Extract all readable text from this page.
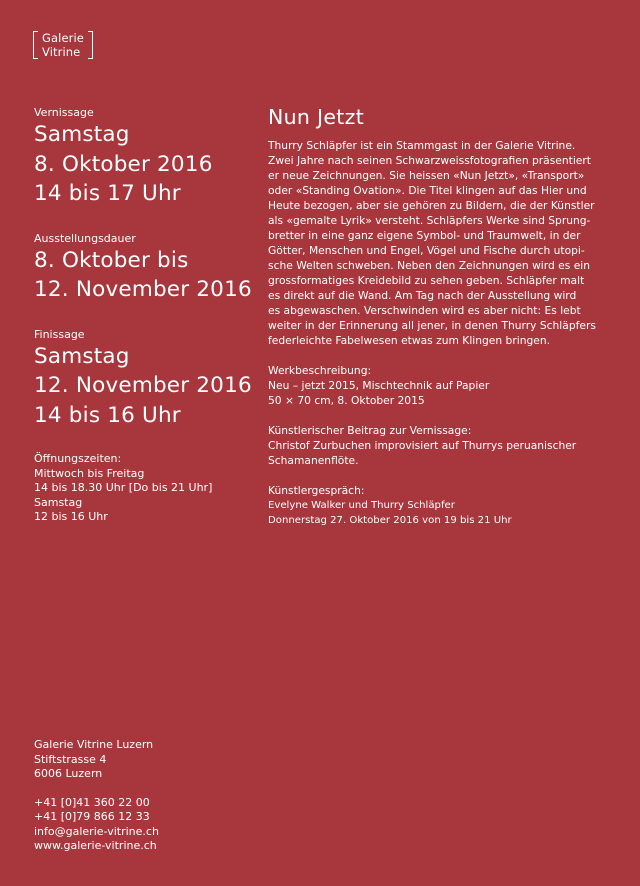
Galerie
Vitrine
Vernissage
Samstag
8. Oktober 2016
14 bis 17 Uhr
Ausstellungsdauer
8. Oktober bis
12. November 2016
Finissage
Samstag
12. November 2016
14 bis 16 Uhr
Öffnungszeiten:
Mittwoch bis Freitag
14 bis 18.30 Uhr [Do bis 21 Uhr]
Samstag
12 bis 16 Uhr
Galerie Vitrine Luzern
Stiftstrasse 4
6006 Luzern
+41 [0]41 360 22 00
+41 [0]79 866 12 33
info@galerie-vitrine.ch
www.galerie-vitrine.ch
Nun Jetzt

Thurry Schläpfer ist ein Stammgast in der Galerie Vitrine.
Zwei Jahre nach seinen Schwarzweissfotografien präsentiert
er neue Zeichnungen. Sie heissen «Nun Jetzt», «Transport»
oder «Standing Ovation». Die Titel klingen auf das Hier und
Heute bezogen, aber sie gehören zu Bildern, die der Künstler
als «gemalte Lyrik» versteht. Schläpfers Werke sind Sprung-
bretter in eine ganz eigene Symbol- und Traumwelt, in der
Götter, Menschen und Engel, Vögel und Fische durch utopi-
sche Welten schweben. Neben den Zeichnungen wird es ein
grossformatiges Kreidebild zu sehen geben. Schläpfer malt
es direkt auf die Wand. Am Tag nach der Ausstellung wird
es abgewaschen. Verschwinden wird es aber nicht: Es lebt
weiter in der Erinnerung all jener, in denen Thurry Schläpfers
federleichte Fabelwesen etwas zum Klingen bringen.

Werkbeschreibung:
Neu – jetzt 2015, Mischtechnik auf Papier
50 × 70 cm, 8. Oktober 2015
Künstlerischer Beitrag zur Vernissage:
Christof Zurbuchen improvisiert auf Thurrys peruanischer
Schamanenflöte.
Künstlergespräch:
Evelyne Walker und Thurry Schläpfer
Donnerstag 27. Oktober 2016 von 19 bis 21 Uhr
